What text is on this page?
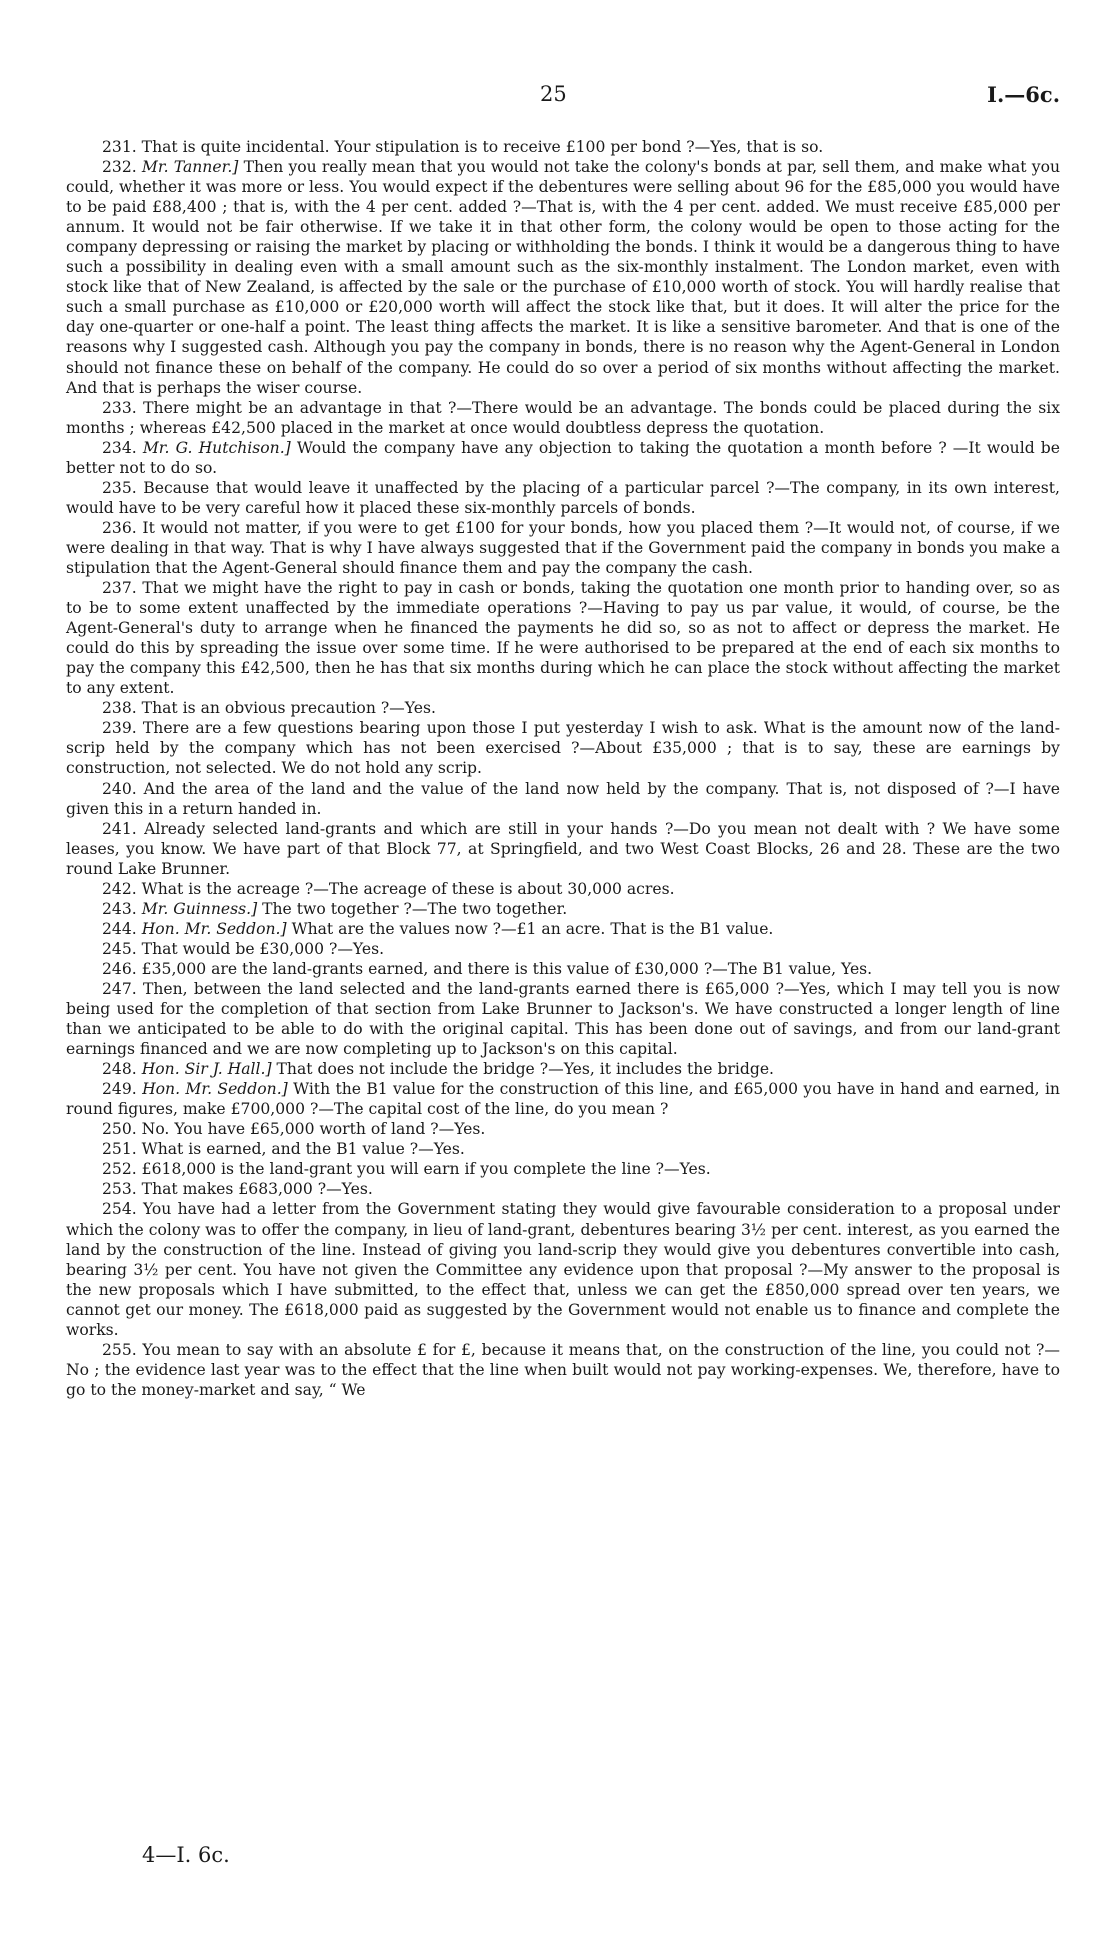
25	I.—6c.

231. That is quite incidental. Your stipulation is to receive £100 per bond ?—Yes, that is so.

232. Mr. Tanner.] Then you really mean that you would not take the colony's bonds at par, sell them, and make what you could, whether it was more or less. You would expect if the debentures were selling about 96 for the £85,000 you would have to be paid £88,400 ; that is, with the 4 per cent. added ?—That is, with the 4 per cent. added. We must receive £85,000 per annum. It would not be fair otherwise. If we take it in that other form, the colony would be open to those acting for the company depressing or raising the market by placing or withholding the bonds. I think it would be a dangerous thing to have such a possibility in dealing even with a small amount such as the six-monthly instalment. The London market, even with stock like that of New Zealand, is affected by the sale or the purchase of £10,000 worth of stock. You will hardly realise that such a small purchase as £10,000 or £20,000 worth will affect the stock like that, but it does. It will alter the price for the day one-quarter or one-half a point. The least thing affects the market. It is like a sensitive barometer. And that is one of the reasons why I suggested cash. Although you pay the company in bonds, there is no reason why the Agent-General in London should not finance these on behalf of the company. He could do so over a period of six months without affecting the market. And that is perhaps the wiser course.

233. There might be an advantage in that ?—There would be an advantage. The bonds could be placed during the six months ; whereas £42,500 placed in the market at once would doubtless depress the quotation.

234. Mr. G. Hutchison.] Would the company have any objection to taking the quotation a month before ? —It would be better not to do so.

235. Because that would leave it unaffected by the placing of a particular parcel ?—The company, in its own interest, would have to be very careful how it placed these six-monthly parcels of bonds.

236. It would not matter, if you were to get £100 for your bonds, how you placed them ?—It would not, of course, if we were dealing in that way. That is why I have always suggested that if the Government paid the company in bonds you make a stipulation that the Agent-General should finance them and pay the company the cash.

237. That we might have the right to pay in cash or bonds, taking the quotation one month prior to handing over, so as to be to some extent unaffected by the immediate operations ?—Having to pay us par value, it would, of course, be the Agent-General's duty to arrange when he financed the payments he did so, so as not to affect or depress the market. He could do this by spreading the issue over some time. If he were authorised to be prepared at the end of each six months to pay the company this £42,500, then he has that six months during which he can place the stock without affecting the market to any extent.

238. That is an obvious precaution ?—Yes.

239. There are a few questions bearing upon those I put yesterday I wish to ask. What is the amount now of the land-scrip held by the company which has not been exercised ?—About £35,000 ; that is to say, these are earnings by construction, not selected. We do not hold any scrip.

240. And the area of the land and the value of the land now held by the company. That is, not disposed of ?—I have given this in a return handed in.

241. Already selected land-grants and which are still in your hands ?—Do you mean not dealt with ? We have some leases, you know. We have part of that Block 77, at Springfield, and two West Coast Blocks, 26 and 28. These are the two round Lake Brunner.

242. What is the acreage ?—The acreage of these is about 30,000 acres.

243. Mr. Guinness.] The two together ?—The two together.

244. Hon. Mr. Seddon.] What are the values now ?—£1 an acre. That is the B1 value.

245. That would be £30,000 ?—Yes.

246. £35,000 are the land-grants earned, and there is this value of £30,000 ?—The B1 value, Yes.

247. Then, between the land selected and the land-grants earned there is £65,000 ?—Yes, which I may tell you is now being used for the completion of that section from Lake Brunner to Jackson's. We have constructed a longer length of line than we anticipated to be able to do with the original capital. This has been done out of savings, and from our land-grant earnings financed and we are now completing up to Jackson's on this capital.

248. Hon. Sir J. Hall.] That does not include the bridge ?—Yes, it includes the bridge.

249. Hon. Mr. Seddon.] With the B1 value for the construction of this line, and £65,000 you have in hand and earned, in round figures, make £700,000 ?—The capital cost of the line, do you mean ?

250. No. You have £65,000 worth of land ?—Yes.

251. What is earned, and the B1 value ?—Yes.

252. £618,000 is the land-grant you will earn if you complete the line ?—Yes.

253. That makes £683,000 ?—Yes.

254. You have had a letter from the Government stating they would give favourable consideration to a proposal under which the colony was to offer the company, in lieu of land-grant, debentures bearing 3½ per cent. interest, as you earned the land by the construction of the line. Instead of giving you land-scrip they would give you debentures convertible into cash, bearing 3½ per cent. You have not given the Committee any evidence upon that proposal ?—My answer to the proposal is the new proposals which I have submitted, to the effect that, unless we can get the £850,000 spread over ten years, we cannot get our money. The £618,000 paid as suggested by the Government would not enable us to finance and complete the works.

255. You mean to say with an absolute £ for £, because it means that, on the construction of the line, you could not ?—No ; the evidence last year was to the effect that the line when built would not pay working-expenses. We, therefore, have to go to the money-market and say, “ We

4—I. 6c.
